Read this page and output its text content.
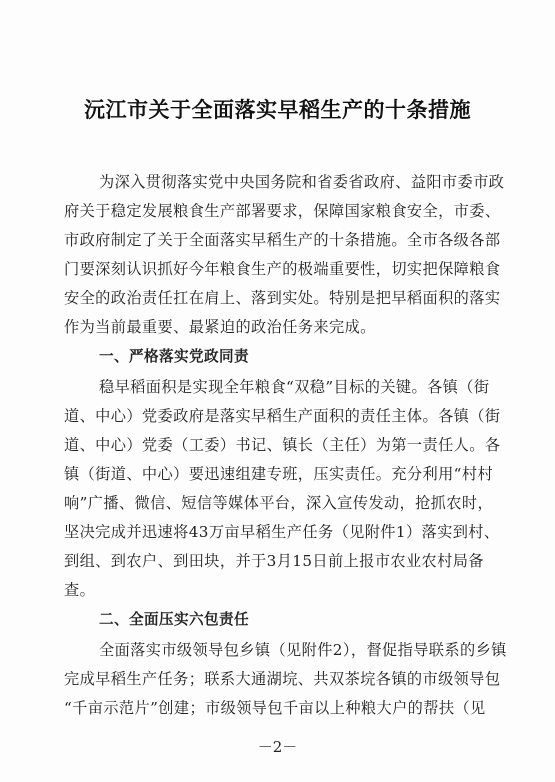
沅江市关于全面落实早稻生产的十条措施
为深入贯彻落实党中央国务院和省委省政府、益阳市委市政
府关于稳定发展粮食生产部署要求，保障国家粮食安全，市委、
市政府制定了关于全面落实早稻生产的十条措施。全市各级各部
门要深刻认识抓好今年粮食生产的极端重要性，切实把保障粮食
安全的政治责任扛在肩上、落到实处。特别是把早稻面积的落实
作为当前最重要、最紧迫的政治任务来完成。
一、严格落实党政同责
稳早稻面积是实现全年粮食“双稳”目标的关键。各镇（街
道、中心）党委政府是落实早稻生产面积的责任主体。各镇（街
道、中心）党委（工委）书记、镇长（主任）为第一责任人。各
镇（街道、中心）要迅速组建专班，压实责任。充分利用“村村
响”广播、微信、短信等媒体平台，深入宣传发动，抢抓农时，
坚决完成并迅速将43万亩早稻生产任务（见附件1）落实到村、
到组、到农户、到田块，并于3月15日前上报市农业农村局备
查。
二、全面压实六包责任
全面落实市级领导包乡镇（见附件2），督促指导联系的乡镇
完成早稻生产任务；联系大通湖垸、共双茶垸各镇的市级领导包
“千亩示范片”创建；市级领导包千亩以上种粮大户的帮扶（见
－2－
